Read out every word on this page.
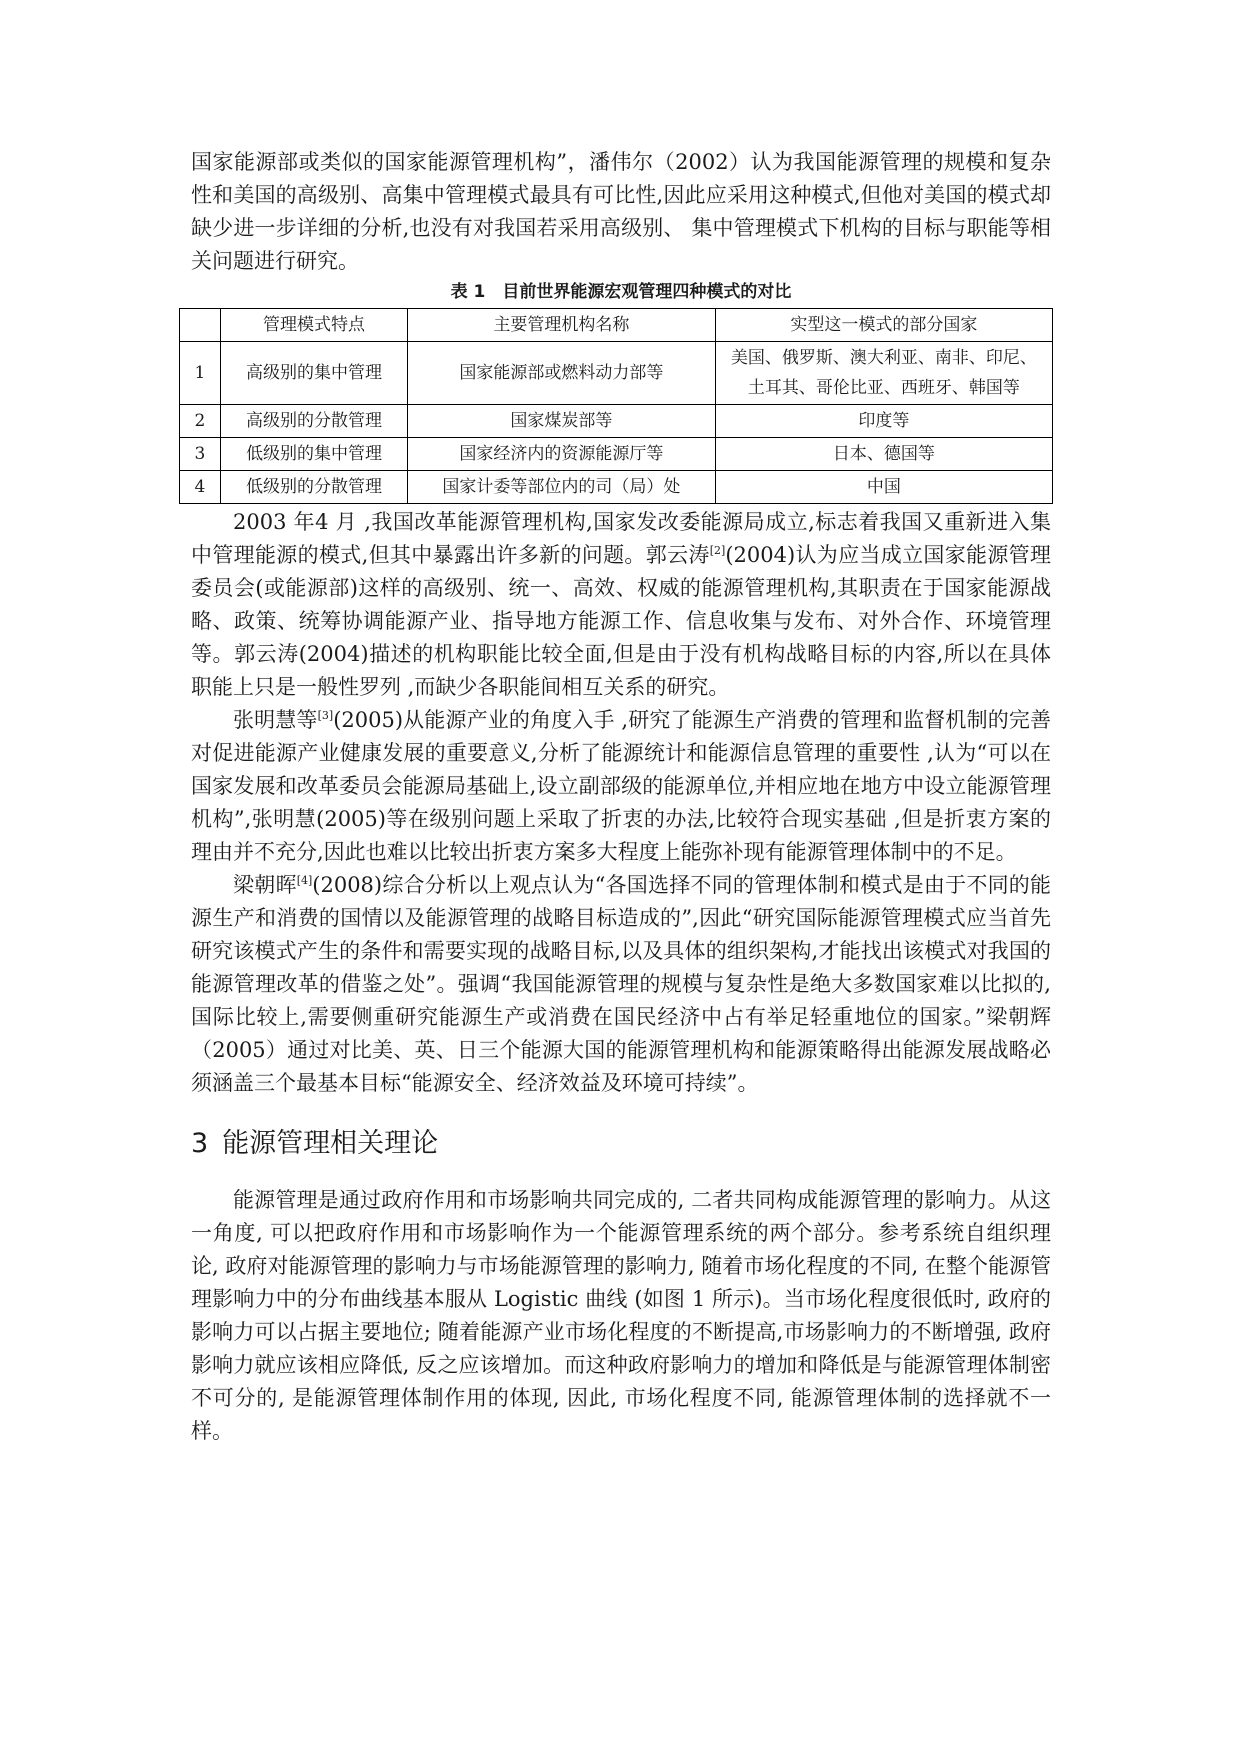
国家能源部或类似的国家能源管理机构”，潘伟尔（2002）认为我国能源管理的规模和复杂性和美国的高级别、高集中管理模式最具有可比性,因此应采用这种模式,但他对美国的模式却缺少进一步详细的分析,也没有对我国若采用高级别、 集中管理模式下机构的目标与职能等相关问题进行研究。

表 1　目前世界能源宏观管理四种模式的对比
	管理模式特点	主要管理机构名称	实型这一模式的部分国家
1	高级别的集中管理	国家能源部或燃料动力部等	美国、俄罗斯、澳大利亚、南非、印尼、
土耳其、哥伦比亚、西班牙、韩国等

2	高级别的分散管理	国家煤炭部等	印度等
3	低级别的集中管理	国家经济内的资源能源厅等	日本、德国等
4	低级别的分散管理	国家计委等部位内的司（局）处	中国

2003 年4 月 ,我国改革能源管理机构,国家发改委能源局成立,标志着我国又重新进入集中管理能源的模式,但其中暴露出许多新的问题。郭云涛[2](2004)认为应当成立国家能源管理委员会(或能源部)这样的高级别、统一、高效、权威的能源管理机构,其职责在于国家能源战略、政策、统筹协调能源产业、指导地方能源工作、信息收集与发布、对外合作、环境管理等。郭云涛(2004)描述的机构职能比较全面,但是由于没有机构战略目标的内容,所以在具体职能上只是一般性罗列 ,而缺少各职能间相互关系的研究。

张明慧等[3](2005)从能源产业的角度入手 ,研究了能源生产消费的管理和监督机制的完善对促进能源产业健康发展的重要意义,分析了能源统计和能源信息管理的重要性 ,认为“可以在国家发展和改革委员会能源局基础上,设立副部级的能源单位,并相应地在地方中设立能源管理机构”,张明慧(2005)等在级别问题上采取了折衷的办法,比较符合现实基础 ,但是折衷方案的理由并不充分,因此也难以比较出折衷方案多大程度上能弥补现有能源管理体制中的不足。

梁朝晖[4](2008)综合分析以上观点认为“各国选择不同的管理体制和模式是由于不同的能源生产和消费的国情以及能源管理的战略目标造成的”,因此“研究国际能源管理模式应当首先研究该模式产生的条件和需要实现的战略目标,以及具体的组织架构,才能找出该模式对我国的能源管理改革的借鉴之处”。强调“我国能源管理的规模与复杂性是绝大多数国家难以比拟的,国际比较上,需要侧重研究能源生产或消费在国民经济中占有举足轻重地位的国家。”梁朝辉（2005）通过对比美、英、日三个能源大国的能源管理机构和能源策略得出能源发展战略必须涵盖三个最基本目标“能源安全、经济效益及环境可持续”。

3 能源管理相关理论

能源管理是通过政府作用和市场影响共同完成的, 二者共同构成能源管理的影响力。从这一角度, 可以把政府作用和市场影响作为一个能源管理系统的两个部分。参考系统自组织理论, 政府对能源管理的影响力与市场能源管理的影响力, 随着市场化程度的不同, 在整个能源管理影响力中的分布曲线基本服从 Logistic 曲线 (如图 1 所示)。当市场化程度很低时, 政府的影响力可以占据主要地位; 随着能源产业市场化程度的不断提高,市场影响力的不断增强, 政府影响力就应该相应降低, 反之应该增加。而这种政府影响力的增加和降低是与能源管理体制密不可分的, 是能源管理体制作用的体现, 因此, 市场化程度不同, 能源管理体制的选择就不一样。
